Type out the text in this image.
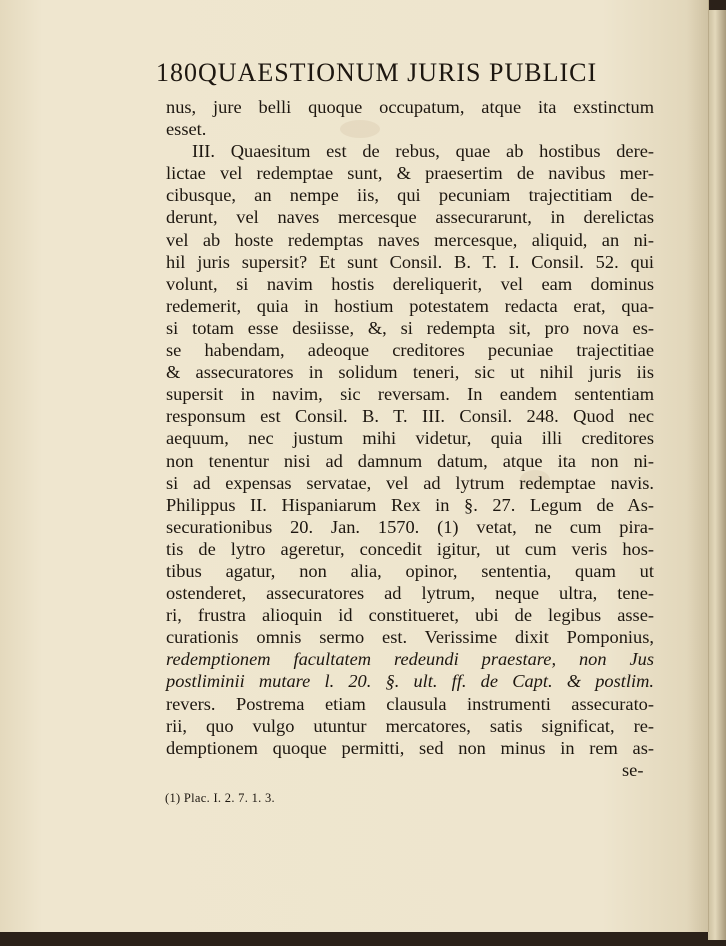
180 QUAESTIONUM JURIS PUBLICI
nus, jure belli quoque occupatum, atque ita exstinctum
esset.
III. Quaesitum est de rebus, quae ab hostibus dere-
lictae vel redemptae sunt, & praesertim de navibus mer-
cibusque, an nempe iis, qui pecuniam trajectitiam de-
derunt, vel naves mercesque assecurarunt, in derelictas
vel ab hoste redemptas naves mercesque, aliquid, an ni-
hil juris supersit? Et sunt Consil. B. T. I. Consil. 52. qui
volunt, si navim hostis dereliquerit, vel eam dominus
redemerit, quia in hostium potestatem redacta erat, qua-
si totam esse desiisse, &, si redempta sit, pro nova es-
se habendam, adeoque creditores pecuniae trajectitiae
& assecuratores in solidum teneri, sic ut nihil juris iis
supersit in navim, sic reversam. In eandem sententiam
responsum est Consil. B. T. III. Consil. 248. Quod nec
aequum, nec justum mihi videtur, quia illi creditores
non tenentur nisi ad damnum datum, atque ita non ni-
si ad expensas servatae, vel ad lytrum redemptae navis.
Philippus II. Hispaniarum Rex in §. 27. Legum de As-
securationibus 20. Jan. 1570. (1) vetat, ne cum pira-
tis de lytro ageretur, concedit igitur, ut cum veris hos-
tibus agatur, non alia, opinor, sententia, quam ut
ostenderet, assecuratores ad lytrum, neque ultra, tene-
ri, frustra alioquin id constitueret, ubi de legibus asse-
curationis omnis sermo est. Verissime dixit Pomponius,
redemptionem facultatem redeundi praestare, non Jus
postliminii mutare l. 20. §. ult. ff. de Capt. & postlim.
revers. Postrema etiam clausula instrumenti assecurato-
rii, quo vulgo utuntur mercatores, satis significat, re-
demptionem quoque permitti, sed non minus in rem as-
se-
(1) Plac. I. 2. 7. 1. 3.
